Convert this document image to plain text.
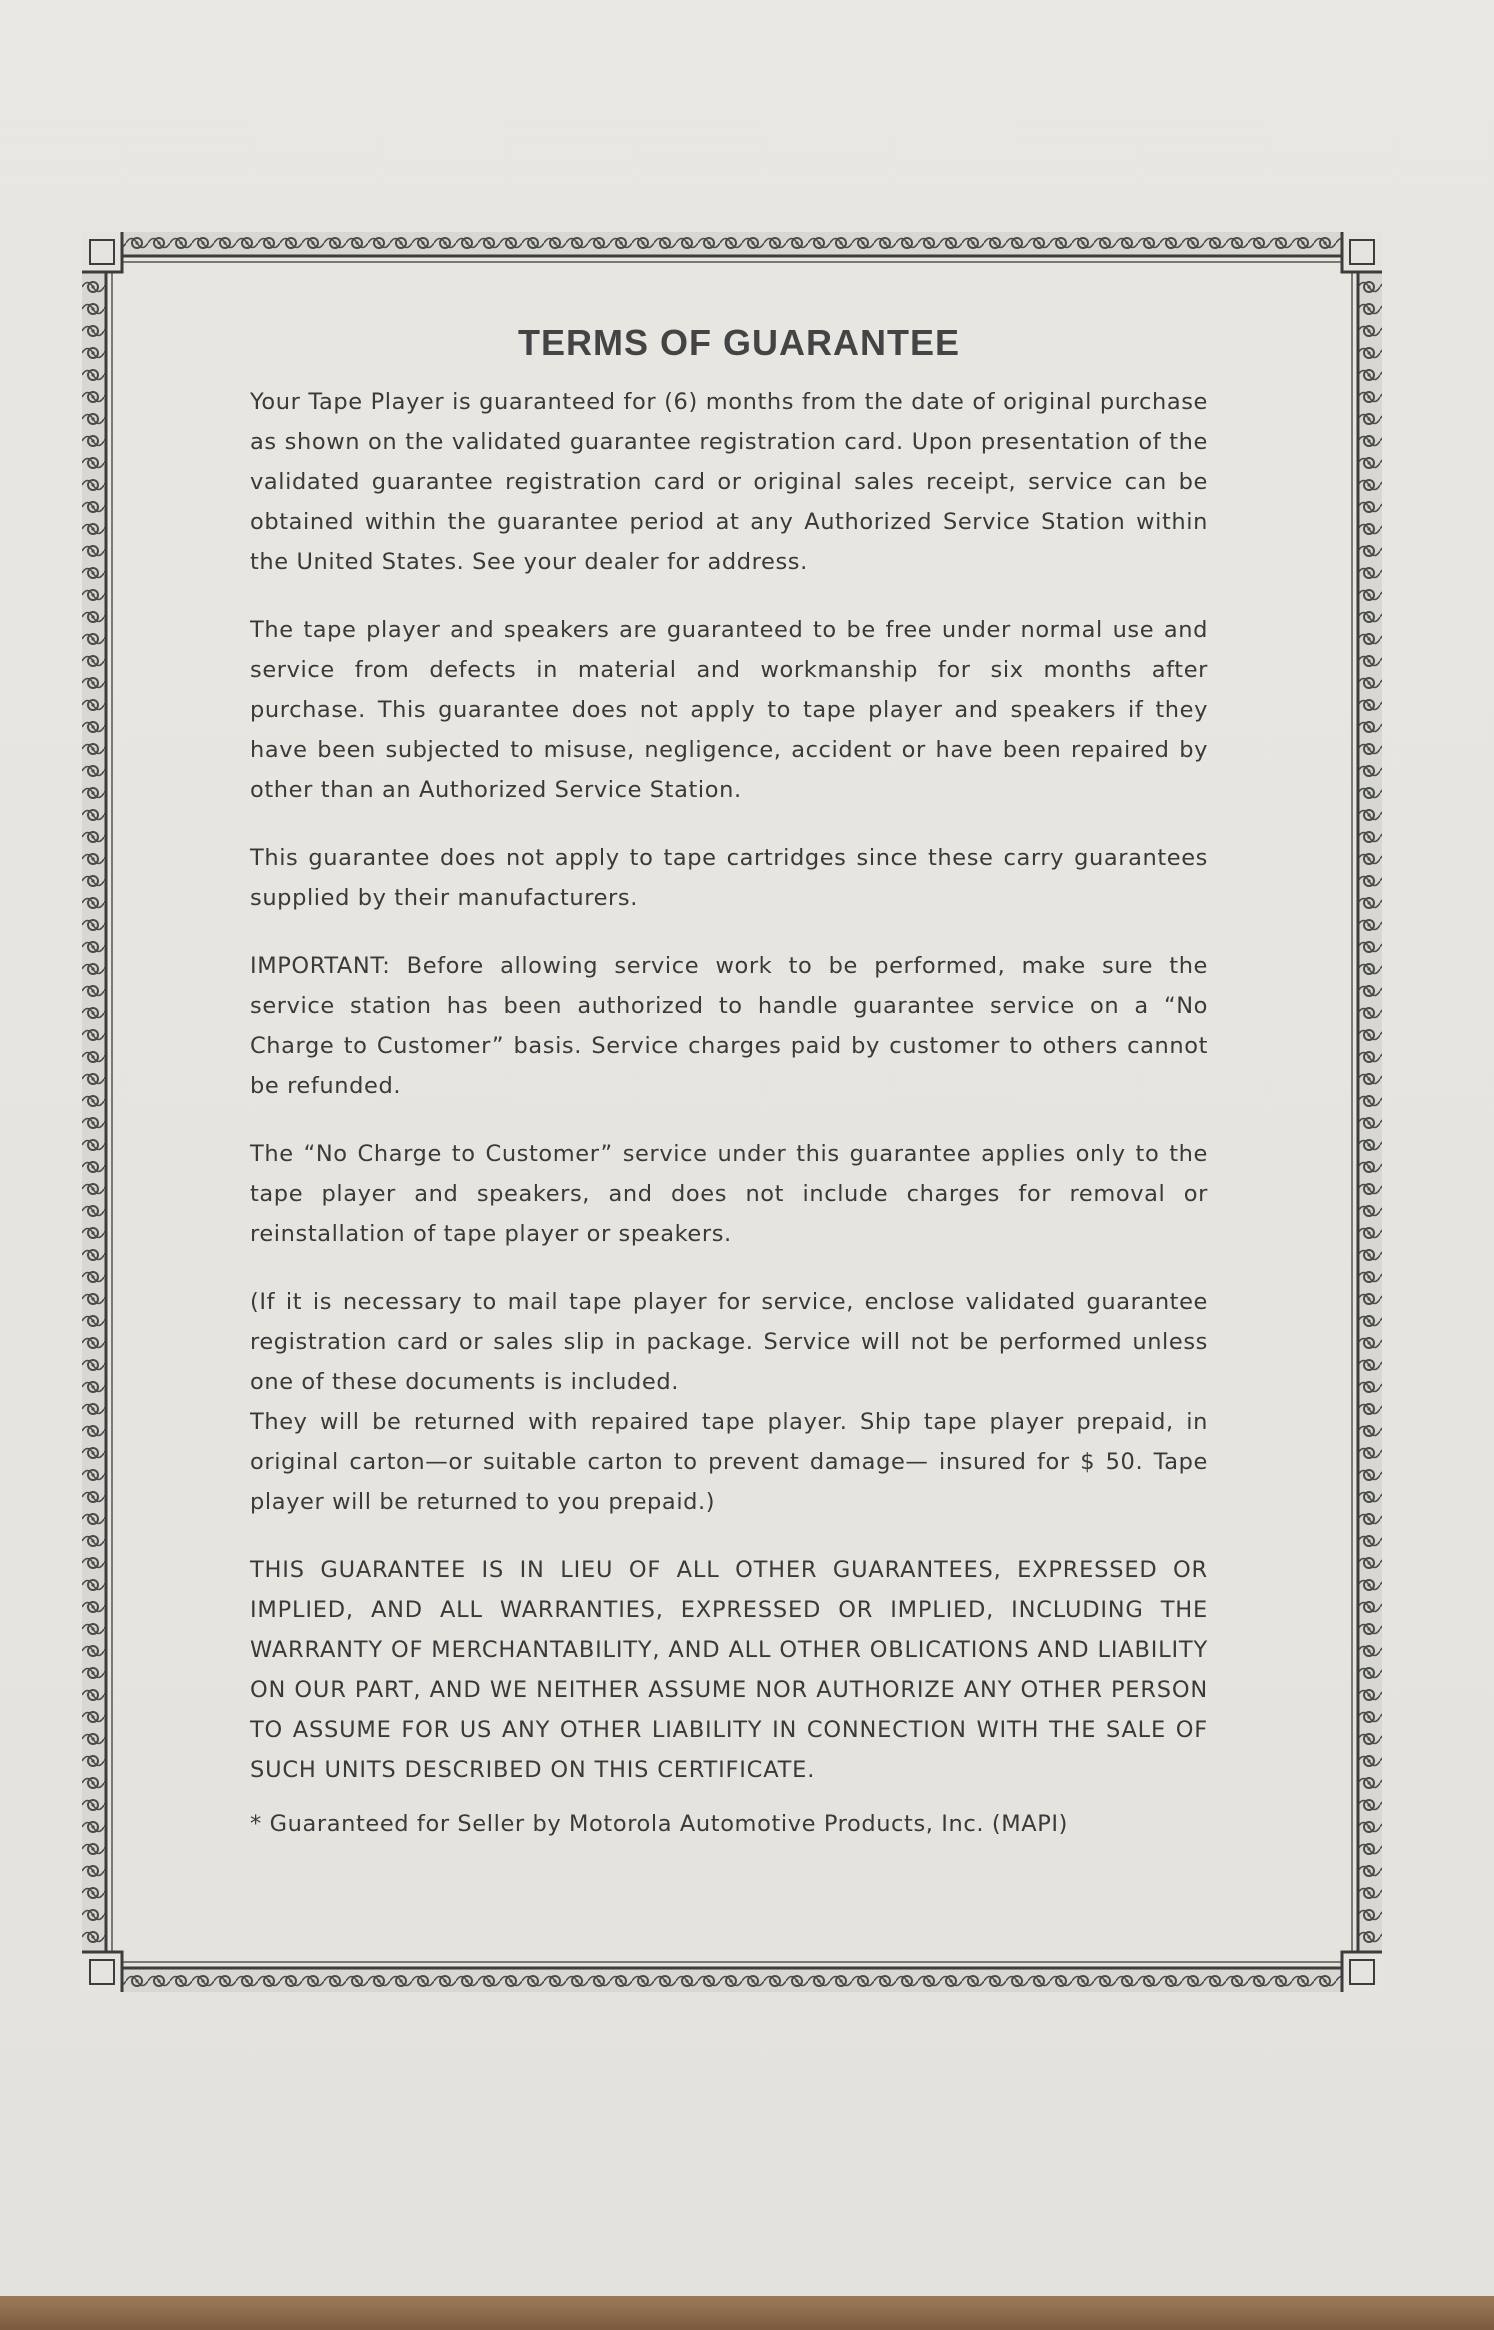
TERMS OF GUARANTEE

Your Tape Player is guaranteed for (6) months from the date of original purchase as shown on the validated guarantee registration card. Upon presentation of the validated guarantee registration card or original sales receipt, service can be obtained within the guarantee period at any Authorized Service Station within the United States. See your dealer for address.

The tape player and speakers are guaranteed to be free under normal use and service from defects in material and workmanship for six months after purchase. This guarantee does not apply to tape player and speakers if they have been subjected to misuse, negligence, accident or have been repaired by other than an Authorized Service Station.

This guarantee does not apply to tape cartridges since these carry guarantees supplied by their manufacturers.

IMPORTANT: Before allowing service work to be performed, make sure the service station has been authorized to handle guarantee service on a “No Charge to Customer” basis. Service charges paid by customer to others cannot be refunded.

The “No Charge to Customer” service under this guarantee applies only to the tape player and speakers, and does not include charges for removal or reinstallation of tape player or speakers.

(If it is necessary to mail tape player for service, enclose validated guarantee registration card or sales slip in package. Service will not be performed unless one of these documents is included.
They will be returned with repaired tape player. Ship tape player prepaid, in original carton—or suitable carton to prevent damage— insured for $ 50. Tape player will be returned to you prepaid.)

THIS GUARANTEE IS IN LIEU OF ALL OTHER GUARANTEES, EXPRESSED OR IMPLIED, AND ALL WARRANTIES, EXPRESSED OR IMPLIED, INCLUDING THE WARRANTY OF MERCHANTABILITY, AND ALL OTHER OBLICATIONS AND LIABILITY ON OUR PART, AND WE NEITHER ASSUME NOR AUTHORIZE ANY OTHER PERSON TO ASSUME FOR US ANY OTHER LIABILITY IN CONNECTION WITH THE SALE OF SUCH UNITS DESCRIBED ON THIS CERTIFICATE.

* Guaranteed for Seller by Motorola Automotive Products, Inc. (MAPI)
